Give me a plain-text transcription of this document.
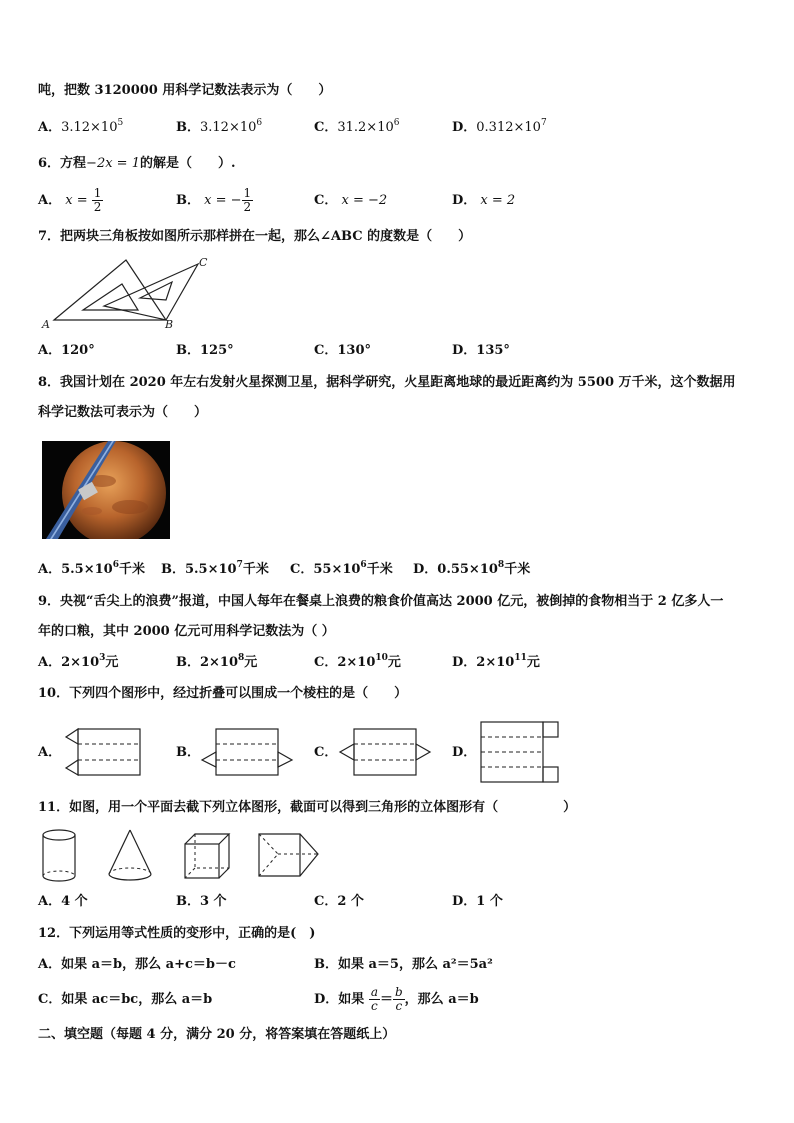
吨，把数 3120000 用科学记数法表示为（　　）
A．$3.12\times 10^5$	B．$3.12\times 10^6$	C．$31.2\times 10^6$	D．$0.312\times 10^7$
6．方程−2x = 1的解是（　　）.
A． $x = \frac{1}{2}$	B． x = − $\frac{1}{2}$	C． x = −2	D． x = 2
7．把两块三角板按如图所示那样拼在一起，那么∠ABC 的度数是（　　）
A	B
C
A．120°	B．125°	C．130°	D．135°
8．我国计划在 2020 年左右发射火星探测卫星，据科学研究，火星距离地球的最近距离约为 5500 万千米，这个数据用
科学记数法可表示为（　　）
A．$5.5\times 10^6$千米 B．$5.5\times 10^7$千米 C．$55\times 10^6$千米 D．$0.55\times 10^8$千米
9．央视“舌尖上的浪费”报道，中国人每年在餐桌上浪费的粮食价值高达 2000 亿元，被倒掉的食物相当于 2 亿多人一
年的口粮，其中 2000 亿元可用科学记数法为（ ）
A．$2\times 10^3$元	B．$2\times 10^8$元	C．$2\times 10^{10}$元	D．$2\times 10^{11}$元
10．下列四个图形中，经过折叠可以围成一个棱柱的是（　　）
A．	B．	C．	D．
11．如图，用一个平面去截下列立体图形，截面可以得到三角形的立体图形有（　　　　　）
A．4 个	B．3 个	C．2 个	D．1 个
12．下列运用等式性质的变形中，正确的是(　)
A．如果 a＝b，那么 a+c＝b－c	B．如果 a＝5，那么 a²＝5a²
C．如果 ac＝bc，那么 a＝b	D．如果 $\frac{a}{c} = \frac{b}{c}$ ，那么 a＝b
二、填空题（每题 4 分，满分 20 分，将答案填在答题纸上）
